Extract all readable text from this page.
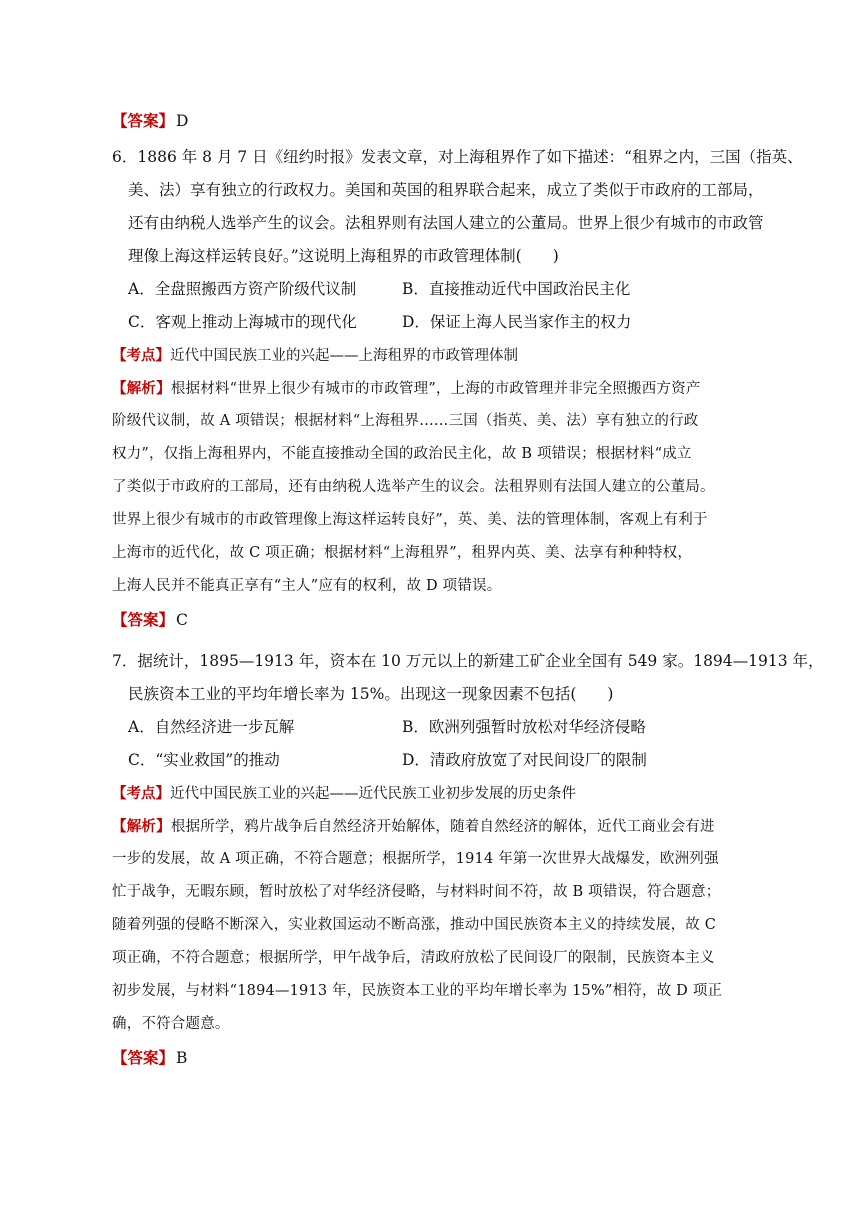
【答案】 D
6．1886 年 8 月 7 日《纽约时报》发表文章，对上海租界作了如下描述：“租界之内，三国（指英、
美、法）享有独立的行政权力。美国和英国的租界联合起来，成立了类似于市政府的工部局，
还有由纳税人选举产生的议会。法租界则有法国人建立的公董局。世界上很少有城市的市政管
理像上海这样运转良好。”这说明上海租界的市政管理体制(　　)
A．全盘照搬西方资产阶级代议制	B．直接推动近代中国政治民主化
C．客观上推动上海城市的现代化	D．保证上海人民当家作主的权力
【考点】近代中国民族工业的兴起——上海租界的市政管理体制
【解析】根据材料“世界上很少有城市的市政管理”，上海的市政管理并非完全照搬西方资产
阶级代议制，故 A 项错误；根据材料“上海租界……三国（指英、美、法）享有独立的行政
权力”，仅指上海租界内，不能直接推动全国的政治民主化，故 B 项错误；根据材料“成立
了类似于市政府的工部局，还有由纳税人选举产生的议会。法租界则有法国人建立的公董局。
世界上很少有城市的市政管理像上海这样运转良好”，英、美、法的管理体制，客观上有利于
上海市的近代化，故 C 项正确；根据材料“上海租界”，租界内英、美、法享有种种特权，
上海人民并不能真正享有“主人”应有的权利，故 D 项错误。
【答案】 C
7．据统计，1895—1913 年，资本在 10 万元以上的新建工矿企业全国有 549 家。1894—1913 年，
民族资本工业的平均年增长率为 15%。出现这一现象因素不包括(　　)
A．自然经济进一步瓦解	B．欧洲列强暂时放松对华经济侵略
C．“实业救国”的推动	D．清政府放宽了对民间设厂的限制
【考点】近代中国民族工业的兴起——近代民族工业初步发展的历史条件
【解析】根据所学，鸦片战争后自然经济开始解体，随着自然经济的解体，近代工商业会有进
一步的发展，故 A 项正确，不符合题意；根据所学，1914 年第一次世界大战爆发，欧洲列强
忙于战争，无暇东顾，暂时放松了对华经济侵略，与材料时间不符，故 B 项错误，符合题意；
随着列强的侵略不断深入，实业救国运动不断高涨，推动中国民族资本主义的持续发展，故 C
项正确，不符合题意；根据所学，甲午战争后，清政府放松了民间设厂的限制，民族资本主义
初步发展，与材料“1894—1913 年，民族资本工业的平均年增长率为 15%”相符，故 D 项正
确，不符合题意。
【答案】 B
